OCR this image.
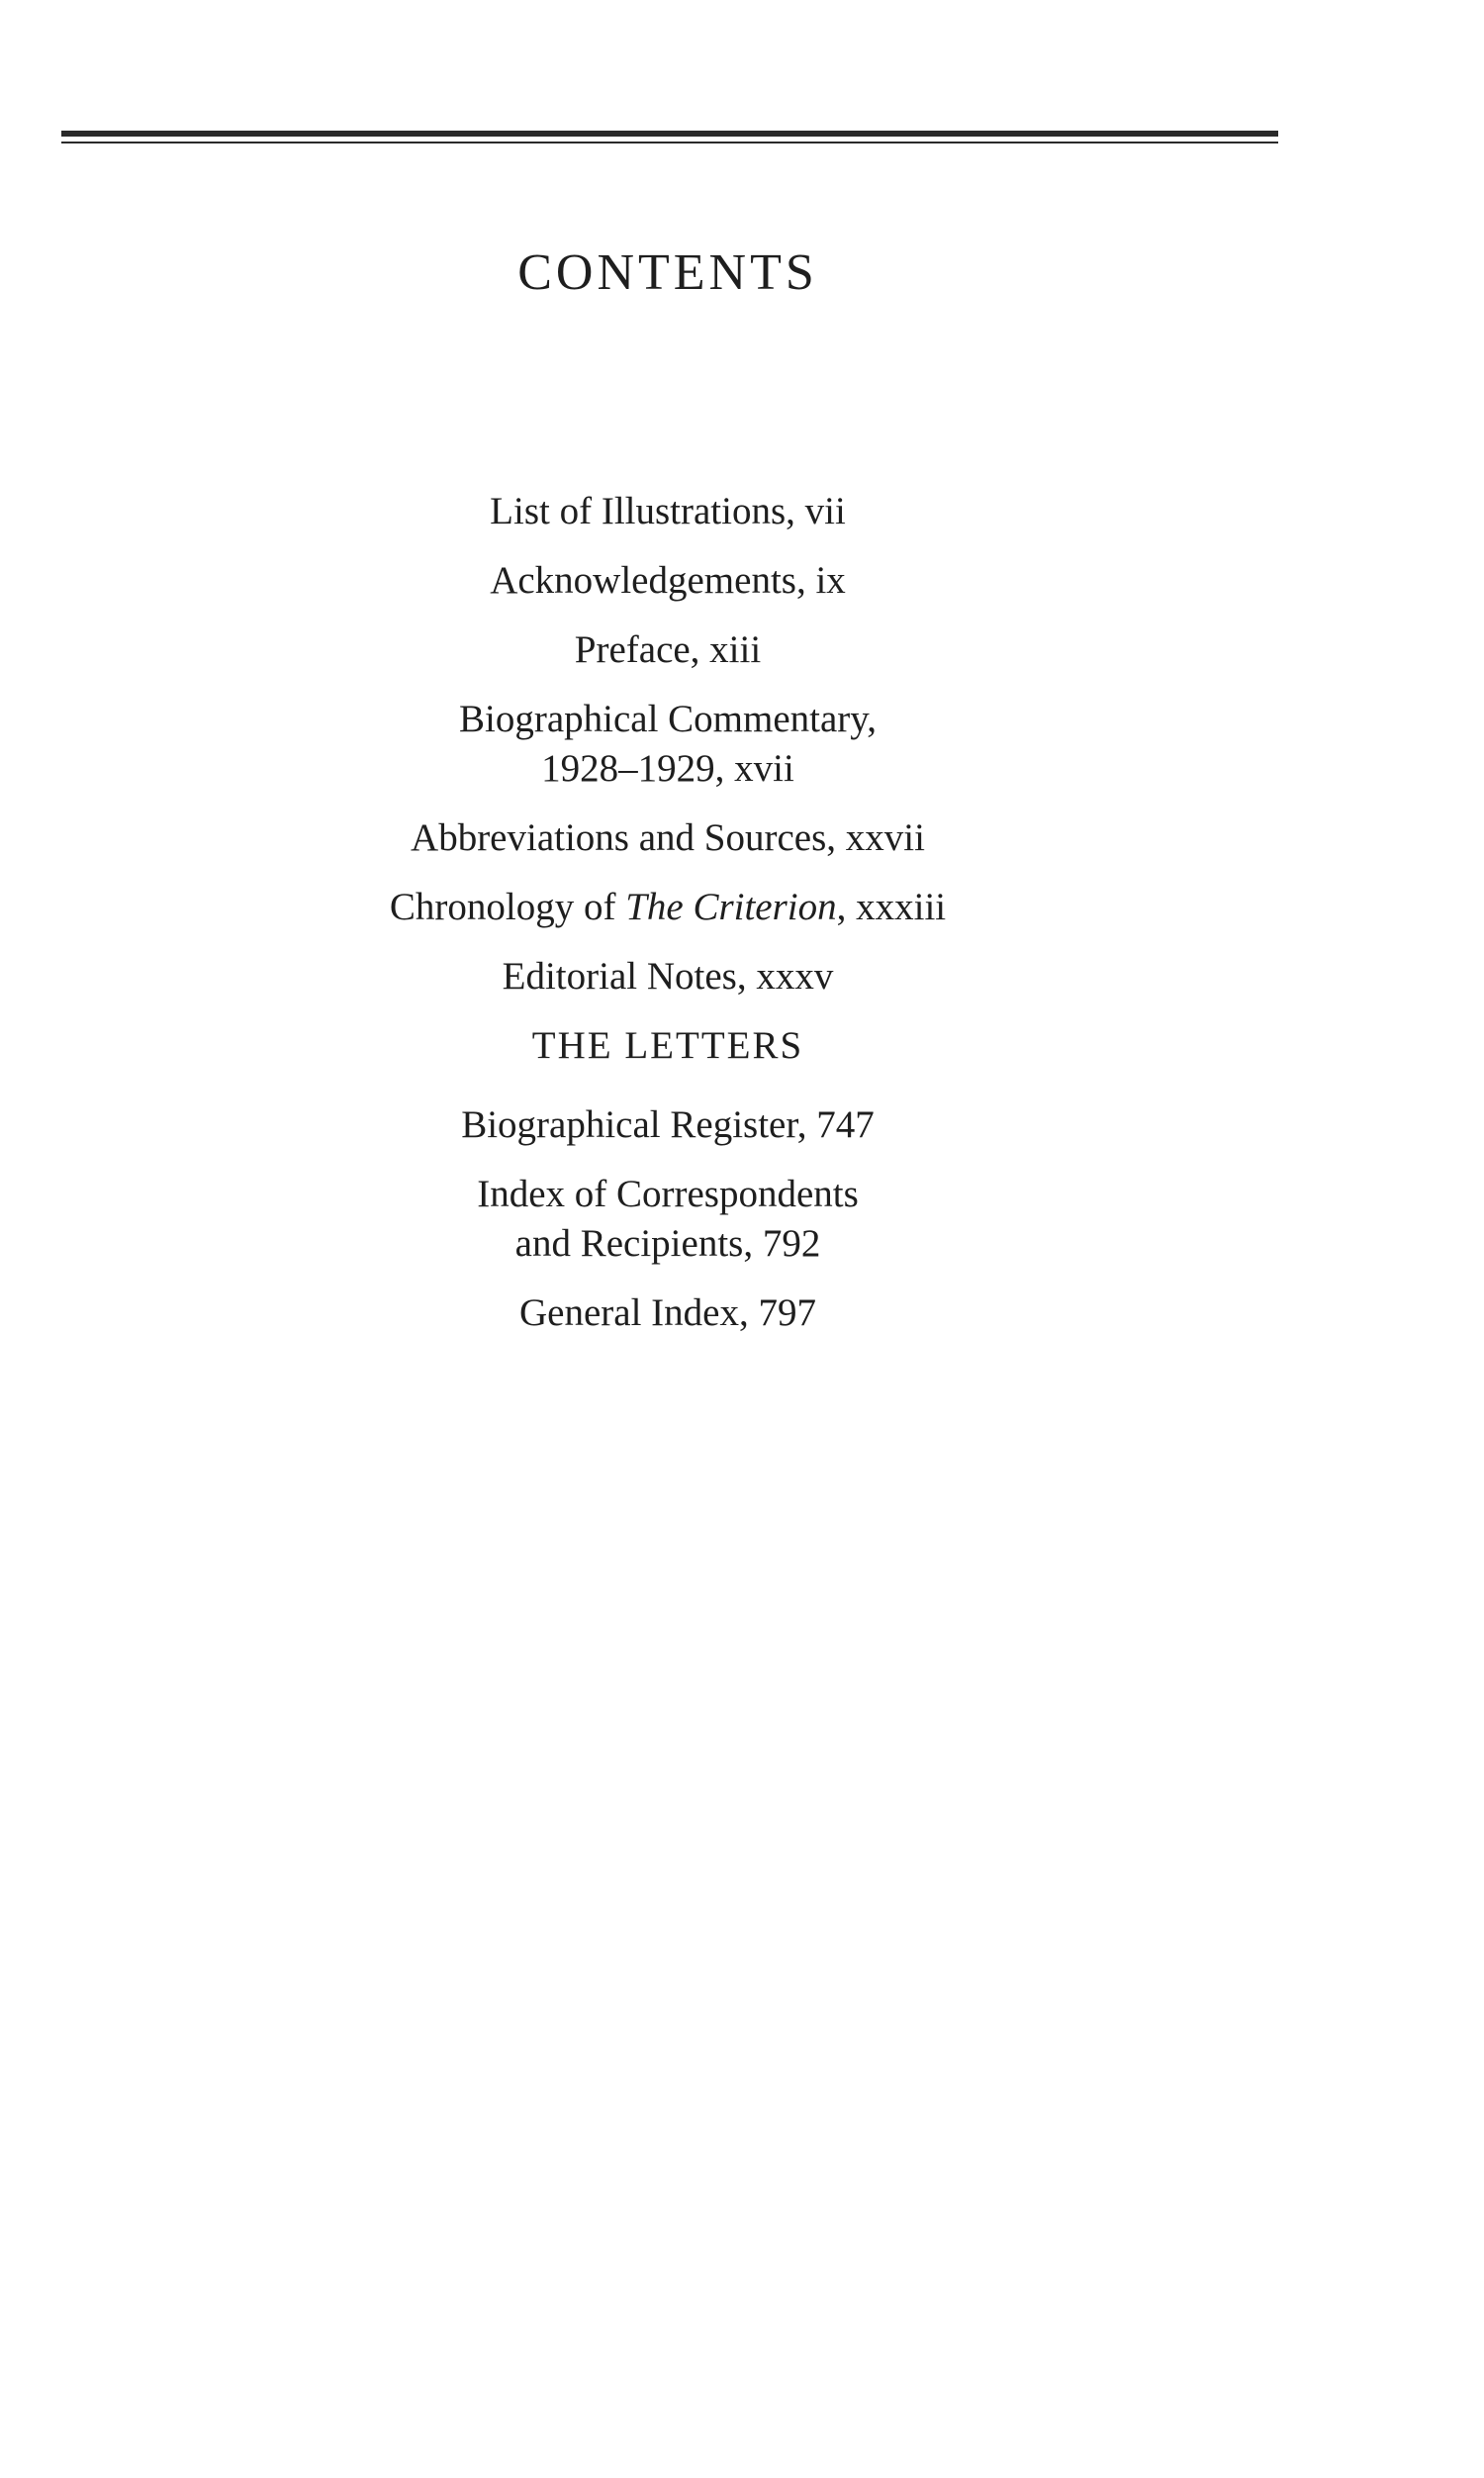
CONTENTS
List of Illustrations, vii
Acknowledgements, ix
Preface, xiii
Biographical Commentary,
1928–1929, xvii
Abbreviations and Sources, xxvii
Chronology of The Criterion, xxxiii
Editorial Notes, xxxv
THE LETTERS
Biographical Register, 747
Index of Correspondents
and Recipients, 792
General Index, 797
